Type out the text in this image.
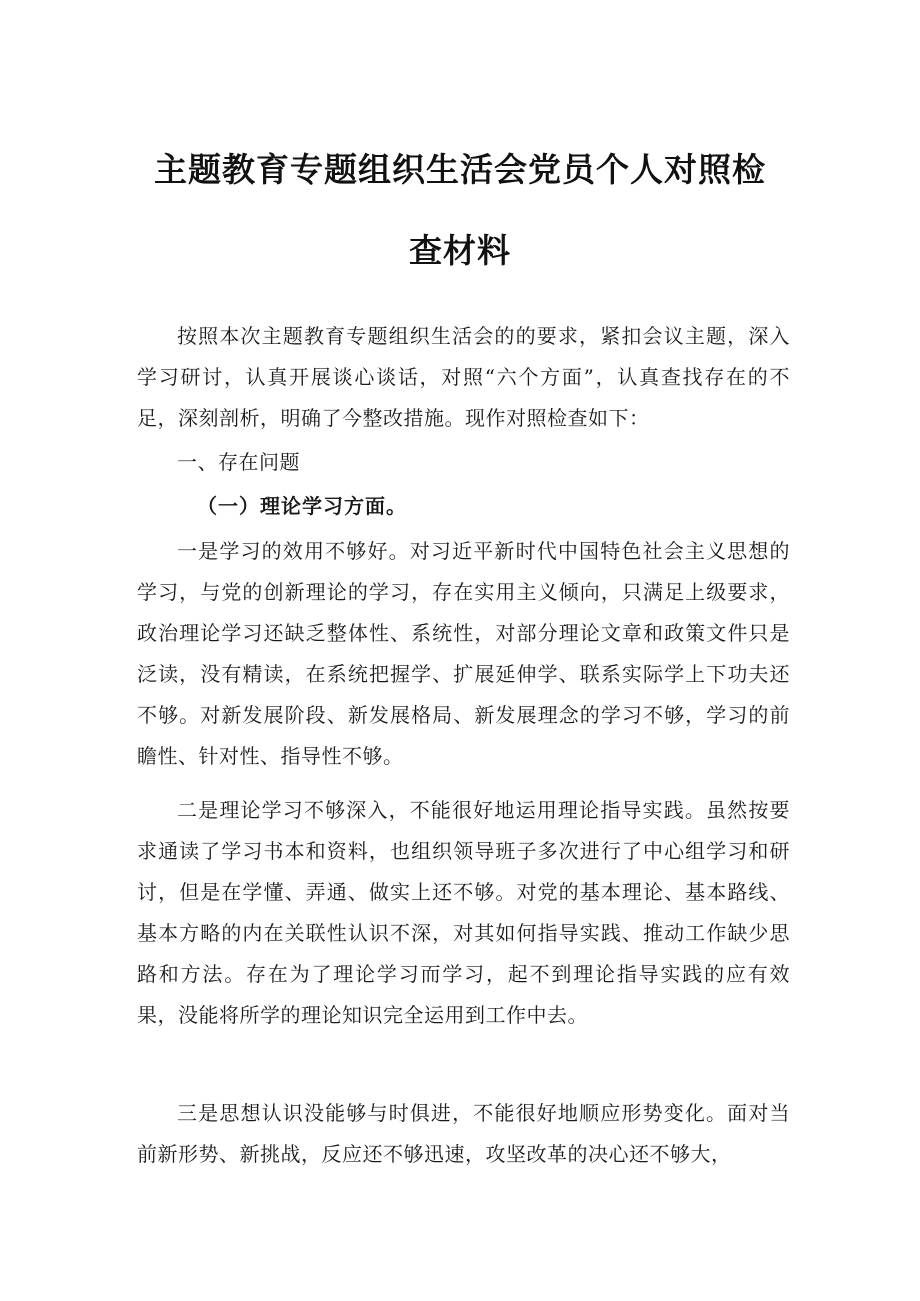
主题教育专题组织生活会党员个人对照检
查材料

按照本次主题教育专题组织生活会的的要求，紧扣会议主题，深入学习研讨，认真开展谈心谈话，对照“六个方面”，认真查找存在的不足，深刻剖析，明确了今整改措施。现作对照检查如下：

一、存在问题

（一）理论学习方面。

一是学习的效用不够好。对习近平新时代中国特色社会主义思想的学习，与党的创新理论的学习，存在实用主义倾向，只满足上级要求，政治理论学习还缺乏整体性、系统性，对部分理论文章和政策文件只是泛读，没有精读，在系统把握学、扩展延伸学、联系实际学上下功夫还不够。对新发展阶段、新发展格局、新发展理念的学习不够，学习的前瞻性、针对性、指导性不够。

二是理论学习不够深入，不能很好地运用理论指导实践。虽然按要求通读了学习书本和资料，也组织领导班子多次进行了中心组学习和研讨，但是在学懂、弄通、做实上还不够。对党的基本理论、基本路线、基本方略的内在关联性认识不深，对其如何指导实践、推动工作缺少思路和方法。存在为了理论学习而学习，起不到理论指导实践的应有效果，没能将所学的理论知识完全运用到工作中去。

三是思想认识没能够与时俱进，不能很好地顺应形势变化。面对当前新形势、新挑战，反应还不够迅速，攻坚改革的决心还不够大，
